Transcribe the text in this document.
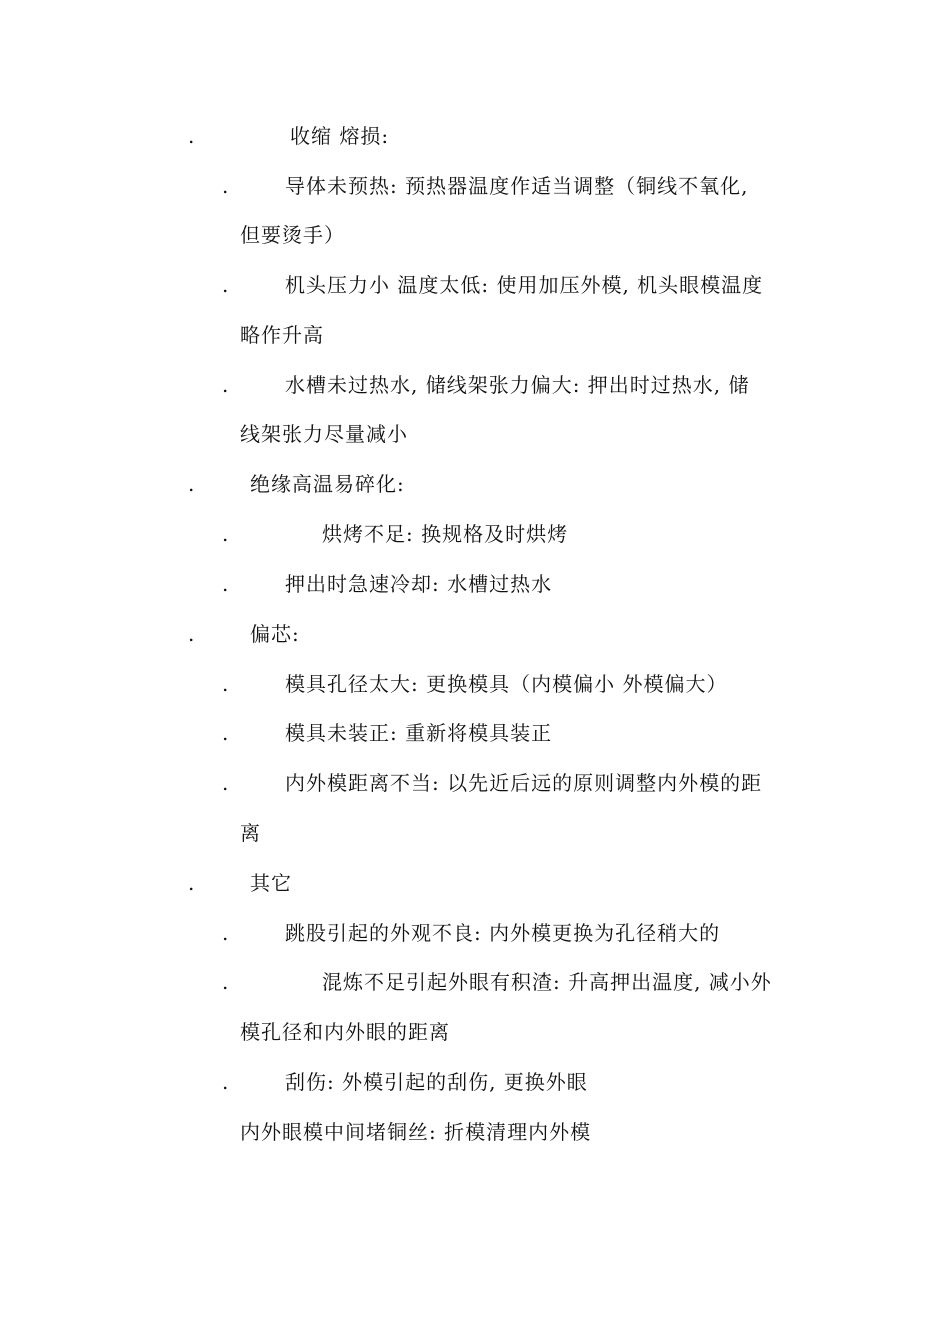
.	收缩 熔损:
.	导体未预热: 预热器温度作适当调整（铜线不氧化,
但要烫手）
.	机头压力小 温度太低: 使用加压外模, 机头眼模温度
略作升高
.	水槽未过热水, 储线架张力偏大: 押出时过热水, 储
线架张力尽量减小
.	绝缘高温易碎化:
.	烘烤不足: 换规格及时烘烤
.	押出时急速冷却: 水槽过热水
.	偏芯:
.	模具孔径太大: 更换模具（内模偏小 外模偏大）
.	模具未装正: 重新将模具装正
.	内外模距离不当: 以先近后远的原则调整内外模的距
离
.	其它
.	跳股引起的外观不良: 内外模更换为孔径稍大的
.	混炼不足引起外眼有积渣: 升高押出温度, 减小外
模孔径和内外眼的距离
.	刮伤: 外模引起的刮伤, 更换外眼
内外眼模中间堵铜丝: 折模清理内外模
